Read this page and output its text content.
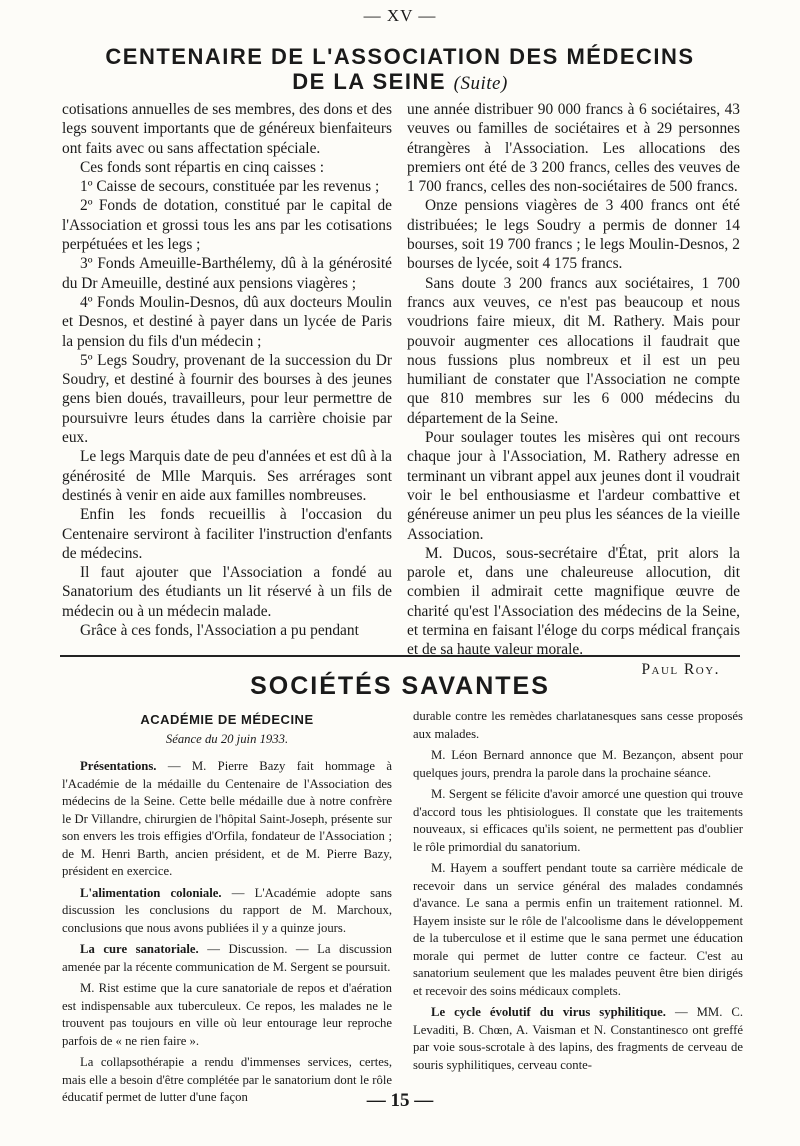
— XV —
CENTENAIRE DE L'ASSOCIATION DES MÉDECINS
DE LA SEINE (Suite)

cotisations annuelles de ses membres, des dons et des legs souvent importants que de généreux bienfaiteurs ont faits avec ou sans affectation spéciale.

Ces fonds sont répartis en cinq caisses :

1º Caisse de secours, constituée par les revenus ;

2º Fonds de dotation, constitué par le capital de l'Association et grossi tous les ans par les cotisations perpétuées et les legs ;

3º Fonds Ameuille-Barthélemy, dû à la générosité du Dr Ameuille, destiné aux pensions viagères ;

4º Fonds Moulin-Desnos, dû aux docteurs Moulin et Desnos, et destiné à payer dans un lycée de Paris la pension du fils d'un médecin ;

5º Legs Soudry, provenant de la succession du Dr Soudry, et destiné à fournir des bourses à des jeunes gens bien doués, travailleurs, pour leur permettre de poursuivre leurs études dans la carrière choisie par eux.

Le legs Marquis date de peu d'années et est dû à la générosité de Mlle Marquis. Ses arrérages sont destinés à venir en aide aux familles nombreuses.

Enfin les fonds recueillis à l'occasion du Centenaire serviront à faciliter l'instruction d'enfants de médecins.

Il faut ajouter que l'Association a fondé au Sanatorium des étudiants un lit réservé à un fils de médecin ou à un médecin malade.

Grâce à ces fonds, l'Association a pu pendant

une année distribuer 90 000 francs à 6 sociétaires, 43 veuves ou familles de sociétaires et à 29 personnes étrangères à l'Association. Les allocations des premiers ont été de 3 200 francs, celles des veuves de 1 700 francs, celles des non-sociétaires de 500 francs.

Onze pensions viagères de 3 400 francs ont été distribuées; le legs Soudry a permis de donner 14 bourses, soit 19 700 francs ; le legs Moulin-Desnos, 2 bourses de lycée, soit 4 175 francs.

Sans doute 3 200 francs aux sociétaires, 1 700 francs aux veuves, ce n'est pas beaucoup et nous voudrions faire mieux, dit M. Rathery. Mais pour pouvoir augmenter ces allocations il faudrait que nous fussions plus nombreux et il est un peu humiliant de constater que l'Association ne compte que 810 membres sur les 6 000 médecins du département de la Seine.

Pour soulager toutes les misères qui ont recours chaque jour à l'Association, M. Rathery adresse en terminant un vibrant appel aux jeunes dont il voudrait voir le bel enthousiasme et l'ardeur combattive et généreuse animer un peu plus les séances de la vieille Association.

M. Ducos, sous-secrétaire d'État, prit alors la parole et, dans une chaleureuse allocution, dit combien il admirait cette magnifique œuvre de charité qu'est l'Association des médecins de la Seine, et termina en faisant l'éloge du corps médical français et de sa haute valeur morale.

Paul Roy.

SOCIÉTÉS SAVANTES
ACADÉMIE DE MÉDECINE
Séance du 20 juin 1933.

Présentations. — M. Pierre Bazy fait hommage à l'Académie de la médaille du Centenaire de l'Association des médecins de la Seine. Cette belle médaille due à notre confrère le Dr Villandre, chirurgien de l'hôpital Saint-Joseph, présente sur son envers les trois effigies d'Orfila, fondateur de l'Association ; de M. Henri Barth, ancien président, et de M. Pierre Bazy, président en exercice.

L'alimentation coloniale. — L'Académie adopte sans discussion les conclusions du rapport de M. Marchoux, conclusions que nous avons publiées il y a quinze jours.

La cure sanatoriale. — Discussion. — La discussion amenée par la récente communication de M. Sergent se poursuit.

M. Rist estime que la cure sanatoriale de repos et d'aération est indispensable aux tuberculeux. Ce repos, les malades ne le trouvent pas toujours en ville où leur entourage leur reproche parfois de « ne rien faire ».

La collapsothérapie a rendu d'immenses services, certes, mais elle a besoin d'être complétée par le sanatorium dont le rôle éducatif permet de lutter d'une façon

durable contre les remèdes charlatanesques sans cesse proposés aux malades.

M. Léon Bernard annonce que M. Bezançon, absent pour quelques jours, prendra la parole dans la prochaine séance.

M. Sergent se félicite d'avoir amorcé une question qui trouve d'accord tous les phtisiologues. Il constate que les traitements nouveaux, si efficaces qu'ils soient, ne permettent pas d'oublier le rôle primordial du sanatorium.

M. Hayem a souffert pendant toute sa carrière médicale de recevoir dans un service général des malades condamnés d'avance. Le sana a permis enfin un traitement rationnel. M. Hayem insiste sur le rôle de l'alcoolisme dans le développement de la tuberculose et il estime que le sana permet une éducation morale qui permet de lutter contre ce facteur. C'est au sanatorium seulement que les malades peuvent être bien dirigés et recevoir des soins médicaux complets.

Le cycle évolutif du virus syphilitique. — MM. C. Levaditi, B. Chœn, A. Vaisman et N. Constantinesco ont greffé par voie sous-scrotale à des lapins, des fragments de cerveau de souris syphilitiques, cerveau conte-

— 15 —
